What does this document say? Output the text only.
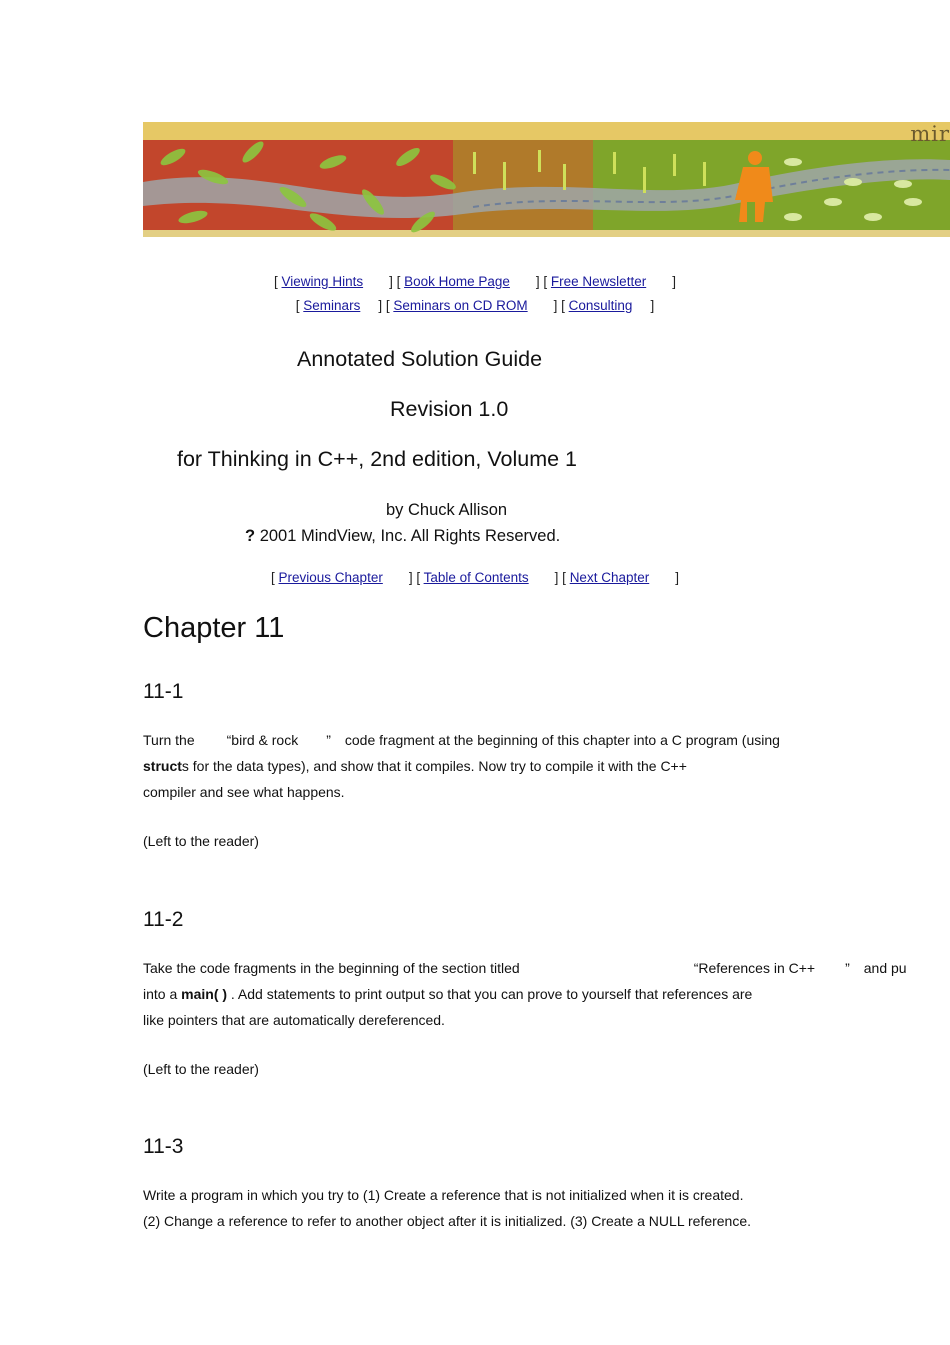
mir
[ Viewing Hints ] [ Book Home Page ] [ Free Newsletter ]
[ Seminars ] [ Seminars on CD ROM ] [ Consulting ]
Annotated Solution Guide
Revision 1.0
for Thinking in C++, 2nd edition, Volume 1
by Chuck Allison
? 2001 MindView, Inc. All Rights Reserved.
[ Previous Chapter ] [ Table of Contents ] [ Next Chapter ]
Chapter 11
11-1
Turn the “bird & rock ” code fragment at the beginning of this chapter into a C program (using
structs for the data types), and show that it compiles. Now try to compile it with the C++
compiler and see what happens.
(Left to the reader)
11-2
Take the code fragments in the beginning of the section titled	“References in C++ ” and pu
into a main( ) . Add statements to print output so that you can prove to yourself that references are
like pointers that are automatically dereferenced.
(Left to the reader)
11-3
Write a program in which you try to (1) Create a reference that is not initialized when it is created.
(2) Change a reference to refer to another object after it is initialized. (3) Create a NULL reference.
